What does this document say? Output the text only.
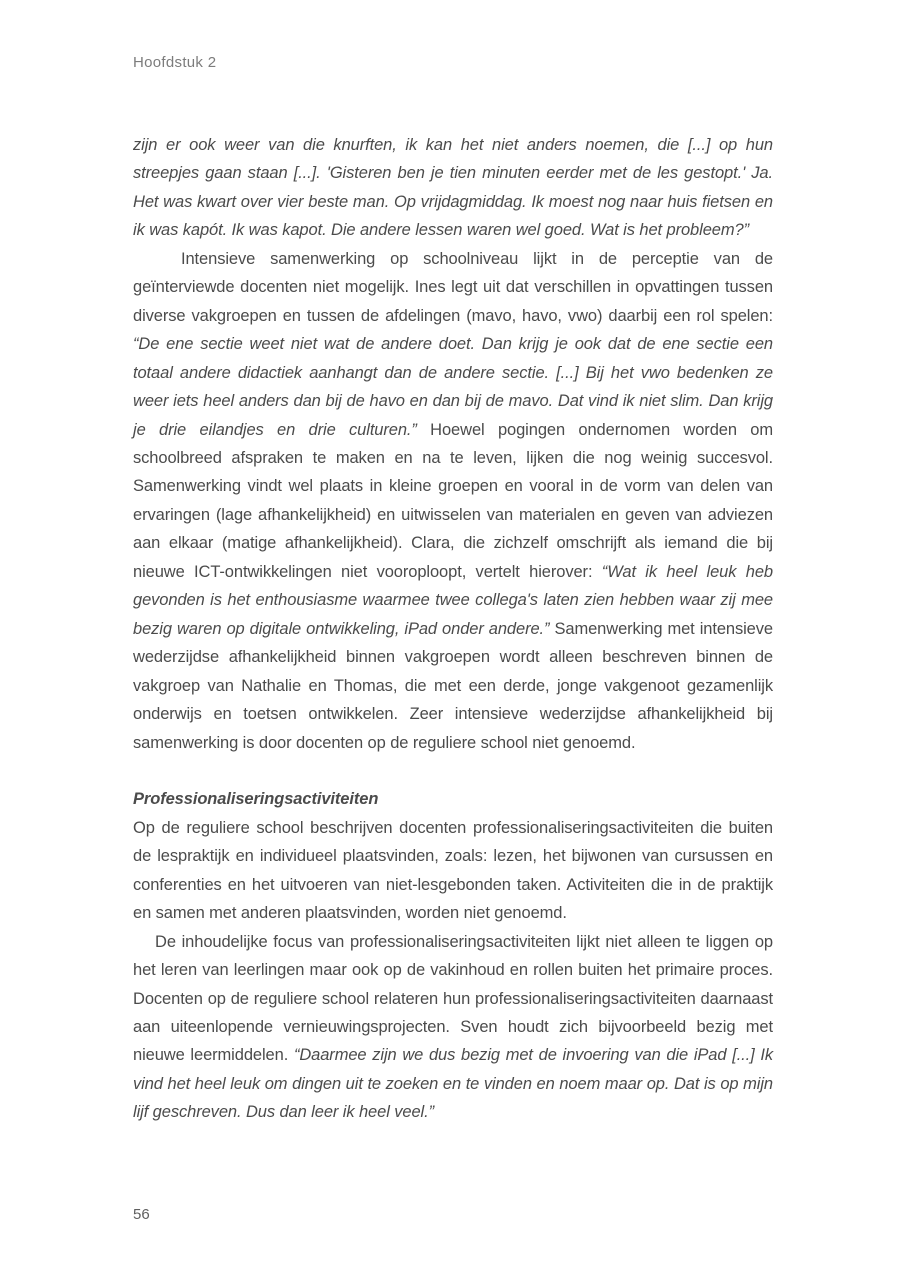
Hoofdstuk 2

zijn er ook weer van die knurften, ik kan het niet anders noemen, die [...] op hun streepjes gaan staan [...]. 'Gisteren ben je tien minuten eerder met de les gestopt.' Ja. Het was kwart over vier beste man. Op vrijdagmiddag. Ik moest nog naar huis fietsen en ik was kapót. Ik was kapot. Die andere lessen waren wel goed. Wat is het probleem?”

Intensieve samenwerking op schoolniveau lijkt in de perceptie van de geïnterviewde docenten niet mogelijk. Ines legt uit dat verschillen in opvattingen tussen diverse vakgroepen en tussen de afdelingen (mavo, havo, vwo) daarbij een rol spelen: “De ene sectie weet niet wat de andere doet. Dan krijg je ook dat de ene sectie een totaal andere didactiek aanhangt dan de andere sectie. [...] Bij het vwo bedenken ze weer iets heel anders dan bij de havo en dan bij de mavo. Dat vind ik niet slim. Dan krijg je drie eilandjes en drie culturen.” Hoewel pogingen ondernomen worden om schoolbreed afspraken te maken en na te leven, lijken die nog weinig succesvol. Samenwerking vindt wel plaats in kleine groepen en vooral in de vorm van delen van ervaringen (lage afhankelijkheid) en uitwisselen van materialen en geven van adviezen aan elkaar (matige afhankelijkheid). Clara, die zichzelf omschrijft als iemand die bij nieuwe ICT-ontwikkelingen niet vooroploopt, vertelt hierover: “Wat ik heel leuk heb gevonden is het enthousiasme waarmee twee collega's laten zien hebben waar zij mee bezig waren op digitale ontwikkeling, iPad onder andere.” Samenwerking met intensieve wederzijdse afhankelijkheid binnen vakgroepen wordt alleen beschreven binnen de vakgroep van Nathalie en Thomas, die met een derde, jonge vakgenoot gezamenlijk onderwijs en toetsen ontwikkelen. Zeer intensieve wederzijdse afhankelijkheid bij samenwerking is door docenten op de reguliere school niet genoemd.

Professionaliseringsactiviteiten

Op de reguliere school beschrijven docenten professionaliseringsactiviteiten die buiten de lespraktijk en individueel plaatsvinden, zoals: lezen, het bijwonen van cursussen en conferenties en het uitvoeren van niet-lesgebonden taken. Activiteiten die in de praktijk en samen met anderen plaatsvinden, worden niet genoemd.

De inhoudelijke focus van professionaliseringsactiviteiten lijkt niet alleen te liggen op het leren van leerlingen maar ook op de vakinhoud en rollen buiten het primaire proces. Docenten op de reguliere school relateren hun professionaliseringsactiviteiten daarnaast aan uiteenlopende vernieuwingsprojecten. Sven houdt zich bijvoorbeeld bezig met nieuwe leermiddelen. “Daarmee zijn we dus bezig met de invoering van die iPad [...] Ik vind het heel leuk om dingen uit te zoeken en te vinden en noem maar op. Dat is op mijn lijf geschreven. Dus dan leer ik heel veel.”

56
